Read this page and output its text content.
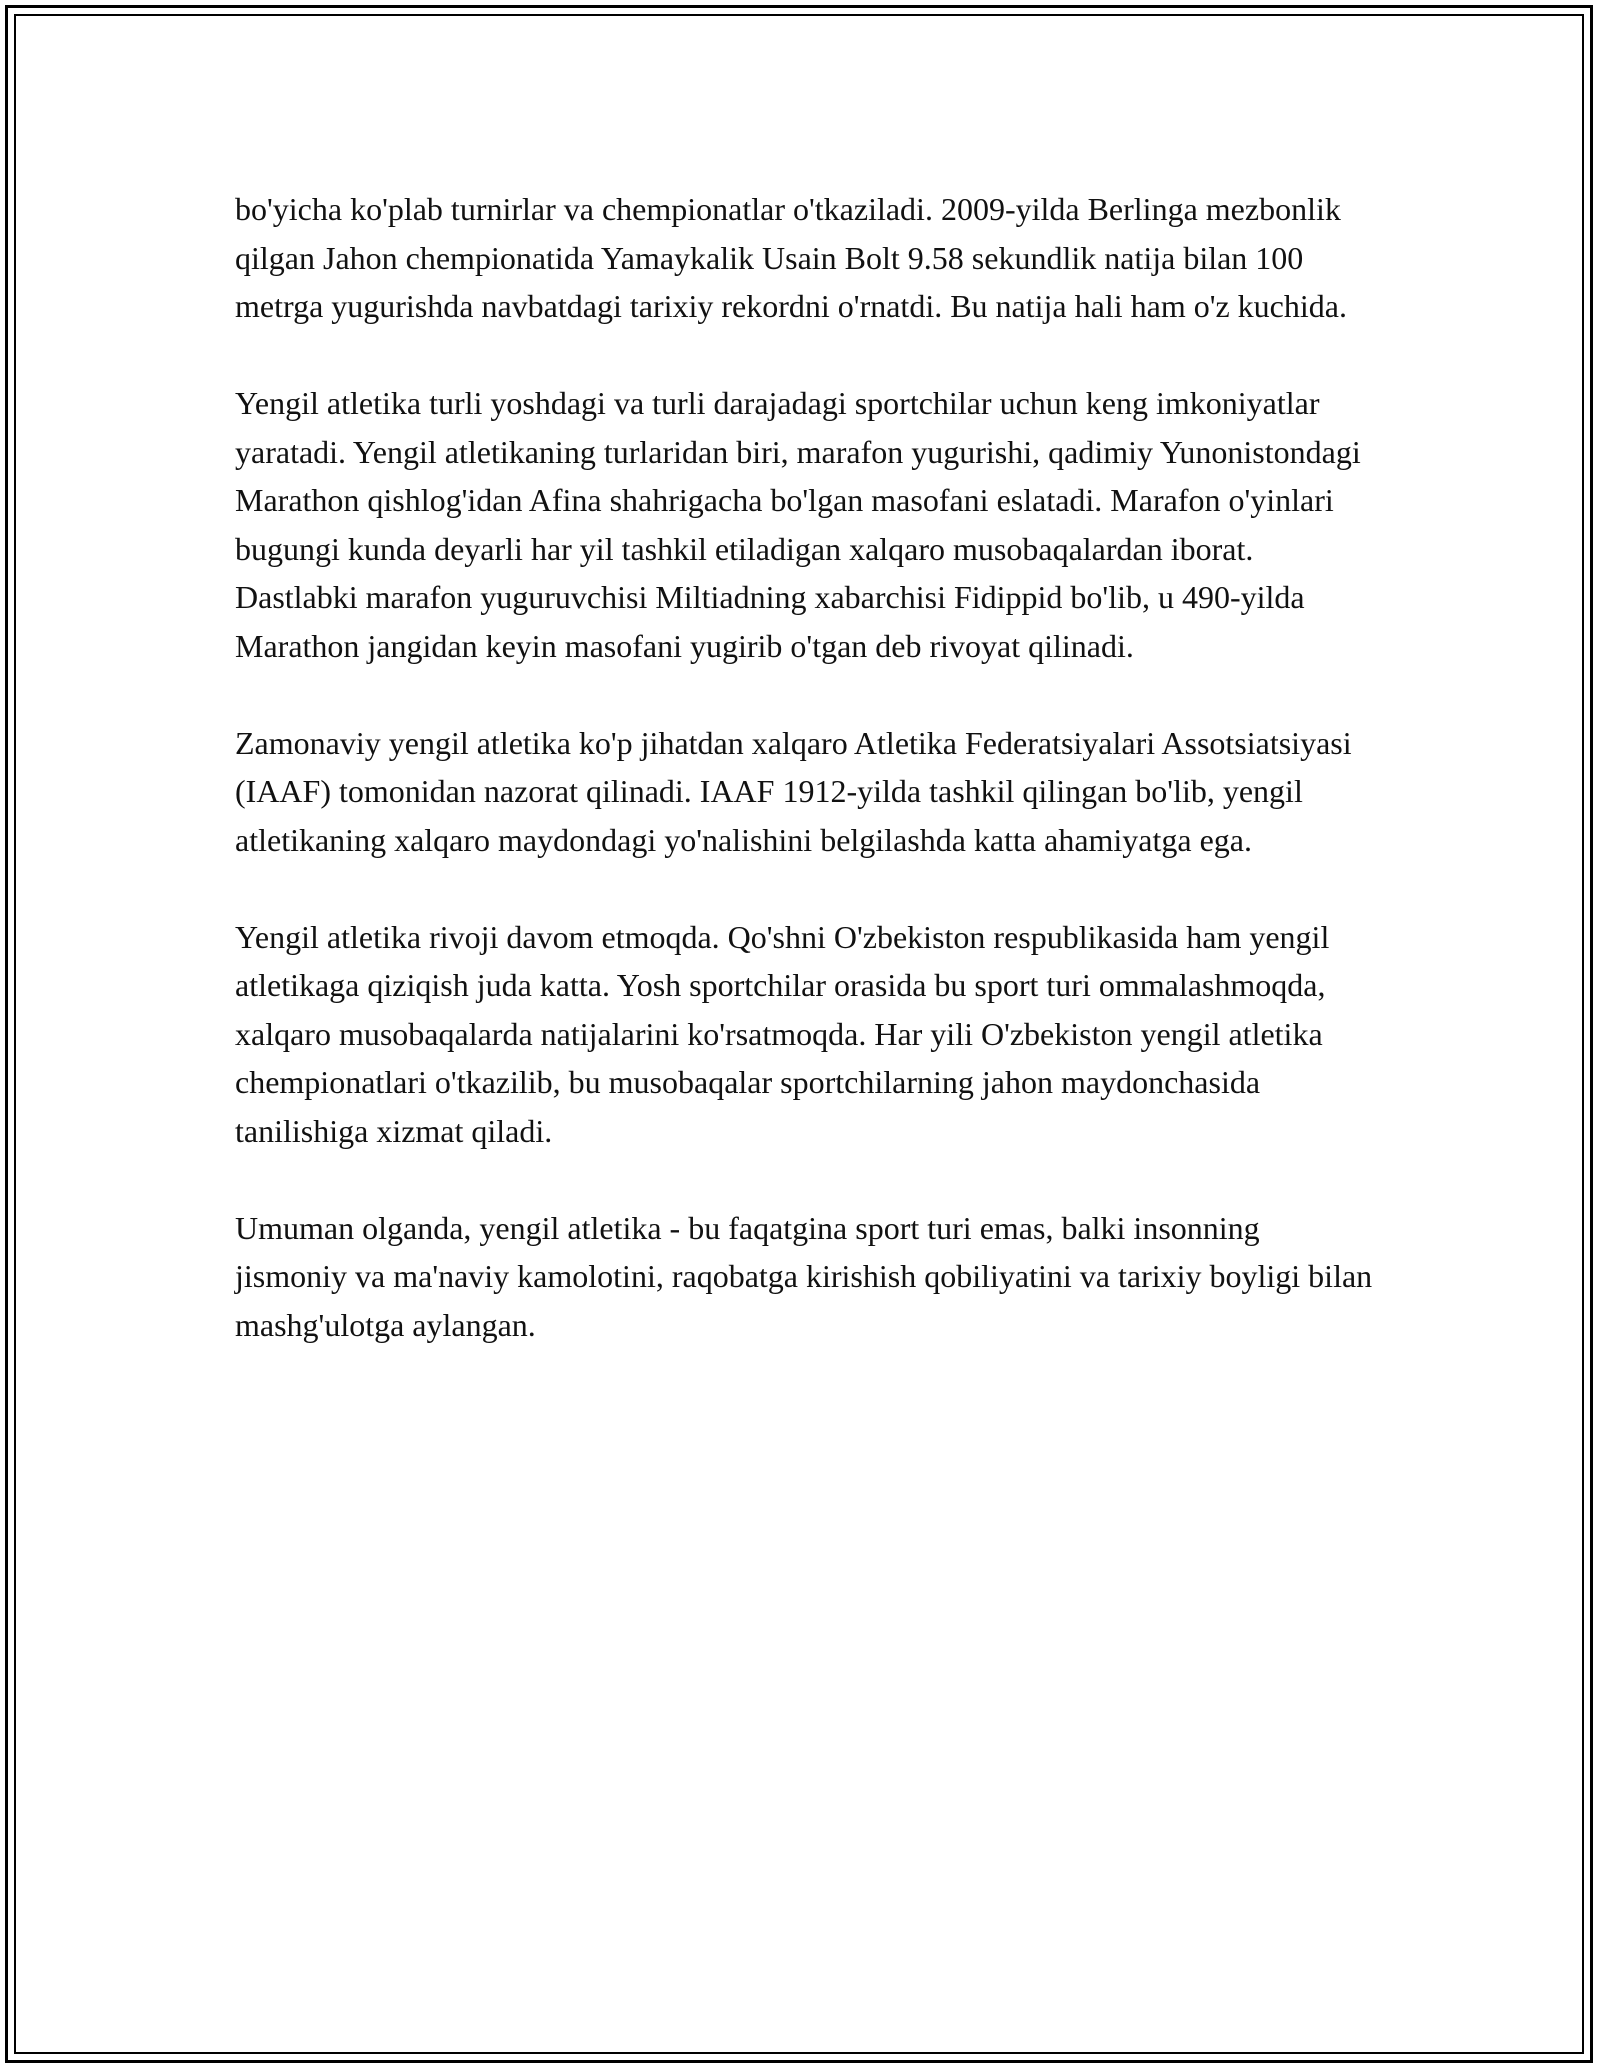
bo'yicha ko'plab turnirlar va chempionatlar o'tkaziladi. 2009-yilda Berlinga mezbonlik qilgan Jahon chempionatida Yamaykalik Usain Bolt 9.58 sekundlik natija bilan 100 metrga yugurishda navbatdagi tarixiy rekordni o'rnatdi. Bu natija hali ham o'z kuchida.

Yengil atletika turli yoshdagi va turli darajadagi sportchilar uchun keng imkoniyatlar yaratadi. Yengil atletikaning turlaridan biri, marafon yugurishi, qadimiy Yunonistondagi Marathon qishlog'idan Afina shahrigacha bo'lgan masofani eslatadi. Marafon o'yinlari bugungi kunda deyarli har yil tashkil etiladigan xalqaro musobaqalardan iborat. Dastlabki marafon yuguruvchisi Miltiadning xabarchisi Fidippid bo'lib, u 490-yilda Marathon jangidan keyin masofani yugirib o'tgan deb rivoyat qilinadi.

Zamonaviy yengil atletika ko'p jihatdan xalqaro Atletika Federatsiyalari Assotsiatsiyasi (IAAF) tomonidan nazorat qilinadi. IAAF 1912-yilda tashkil qilingan bo'lib, yengil atletikaning xalqaro maydondagi yo'nalishini belgilashda katta ahamiyatga ega.

Yengil atletika rivoji davom etmoqda. Qo'shni O'zbekiston respublikasida ham yengil atletikaga qiziqish juda katta. Yosh sportchilar orasida bu sport turi ommalashmoqda, xalqaro musobaqalarda natijalarini ko'rsatmoqda. Har yili O'zbekiston yengil atletika chempionatlari o'tkazilib, bu musobaqalar sportchilarning jahon maydonchasida tanilishiga xizmat qiladi.

Umuman olganda, yengil atletika - bu faqatgina sport turi emas, balki insonning jismoniy va ma'naviy kamolotini, raqobatga kirishish qobiliyatini va tarixiy boyligi bilan mashg'ulotga aylangan.
